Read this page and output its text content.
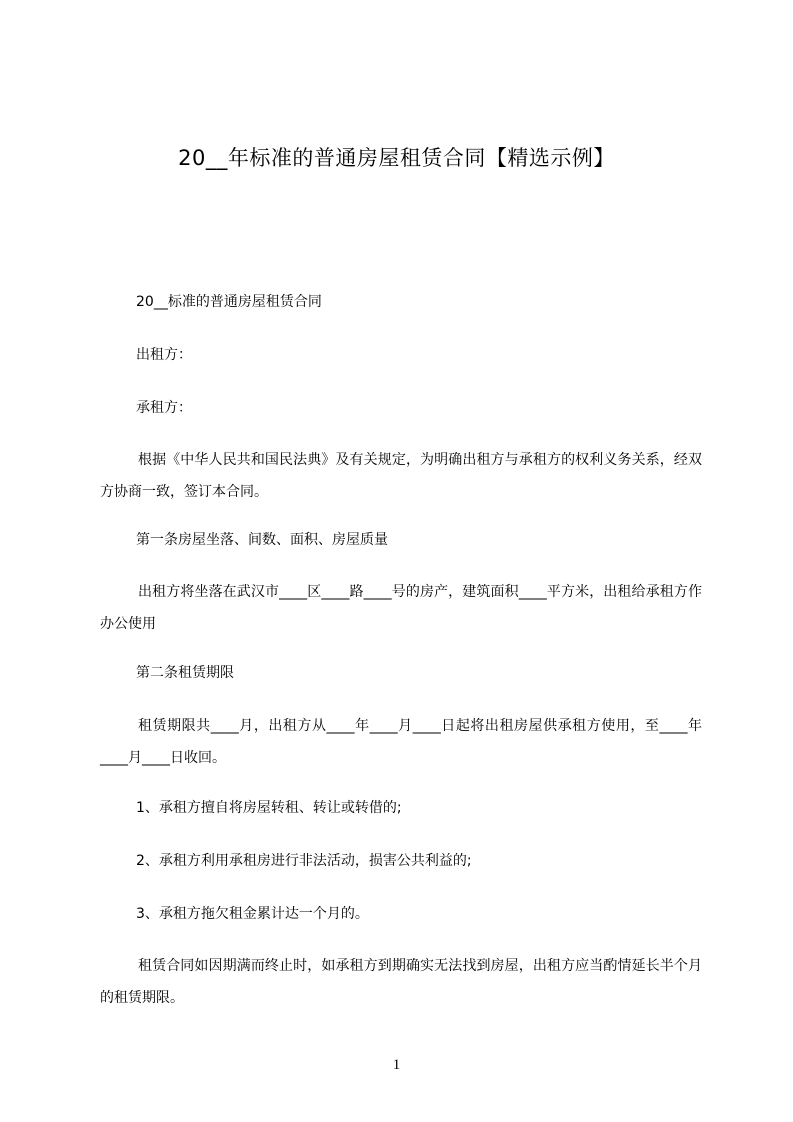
20__年标准的普通房屋租赁合同【精选示例】
20__标准的普通房屋租赁合同
出租方：
承租方：
根据《中华人民共和国民法典》及有关规定，为明确出租方与承租方的权利义务关系，经双方协商一致，签订本合同。
第一条房屋坐落、间数、面积、房屋质量
出租方将坐落在武汉市____区____路____号的房产，建筑面积____平方米，出租给承租方作办公使用
第二条租赁期限
租赁期限共____月，出租方从____年____月____日起将出租房屋供承租方使用，至____年____月____日收回。
1、承租方擅自将房屋转租、转让或转借的;
2、承租方利用承租房进行非法活动，损害公共利益的;
3、承租方拖欠租金累计达一个月的。
租赁合同如因期满而终止时，如承租方到期确实无法找到房屋，出租方应当酌情延长半个月的租赁期限。
1
